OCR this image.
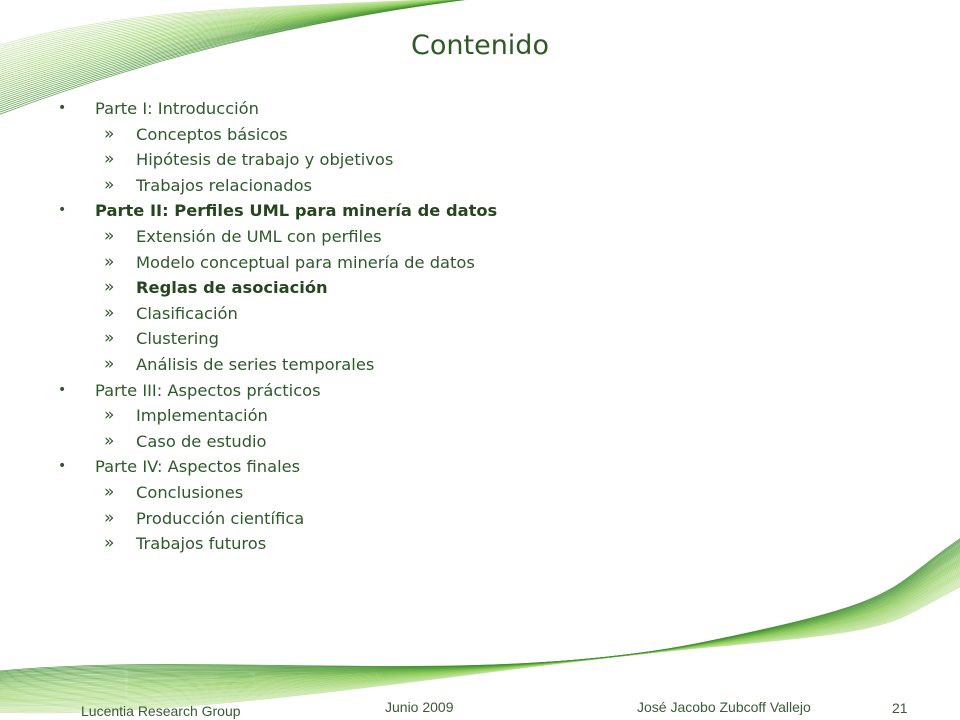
Contenido
• Parte I: Introducción
» Conceptos básicos
» Hipótesis de trabajo y objetivos
» Trabajos relacionados
• Parte II: Perfiles UML para minería de datos
» Extensión de UML con perfiles
» Modelo conceptual para minería de datos
» Reglas de asociación
» Clasificación
» Clustering
» Análisis de series temporales
• Parte III: Aspectos prácticos
» Implementación
» Caso de estudio
• Parte IV: Aspectos finales
» Conclusiones
» Producción científica
» Trabajos futuros
Lucentia Research Group	Junio 2009	José Jacobo Zubcoff Vallejo	21
